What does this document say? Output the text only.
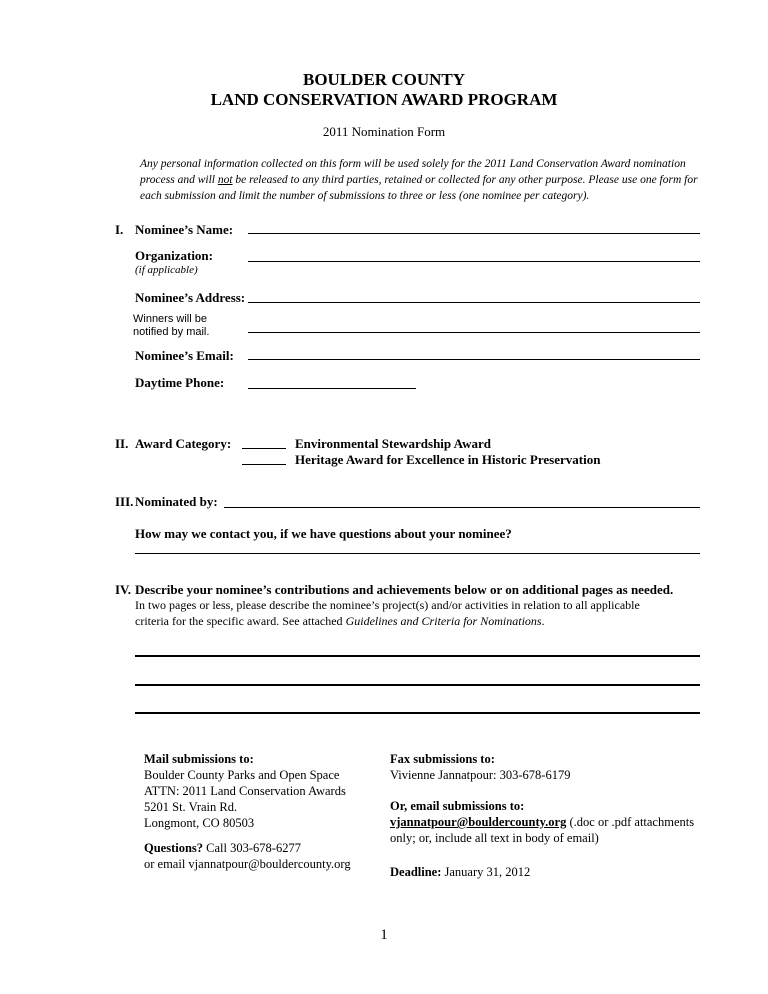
BOULDER COUNTY
LAND CONSERVATION AWARD PROGRAM
2011 Nomination Form
Any personal information collected on this form will be used solely for the 2011 Land Conservation Award nomination process and will not be released to any third parties, retained or collected for any other purpose. Please use one form for each submission and limit the number of submissions to three or less (one nominee per category).
I. Nominee’s Name:
Organization:
(if applicable)
Nominee’s Address:
Winners will be
notified by mail.
Nominee’s Email:
Daytime Phone:
II. Award Category:	Environmental Stewardship Award
Heritage Award for Excellence in Historic Preservation
III. Nominated by:
How may we contact you, if we have questions about your nominee?
IV. Describe your nominee’s contributions and achievements below or on additional pages as needed.
In two pages or less, please describe the nominee’s project(s) and/or activities in relation to all applicable criteria for the specific award. See attached Guidelines and Criteria for Nominations.
Mail submissions to:
Boulder County Parks and Open Space
ATTN: 2011 Land Conservation Awards
5201 St. Vrain Rd.
Longmont, CO 80503
Questions? Call 303-678-6277
or email vjannatpour@bouldercounty.org
Fax submissions to:
Vivienne Jannatpour: 303-678-6179
Or, email submissions to:
vjannatpour@bouldercounty.org (.doc or .pdf attachments
only; or, include all text in body of email)
Deadline: January 31, 2012
1
